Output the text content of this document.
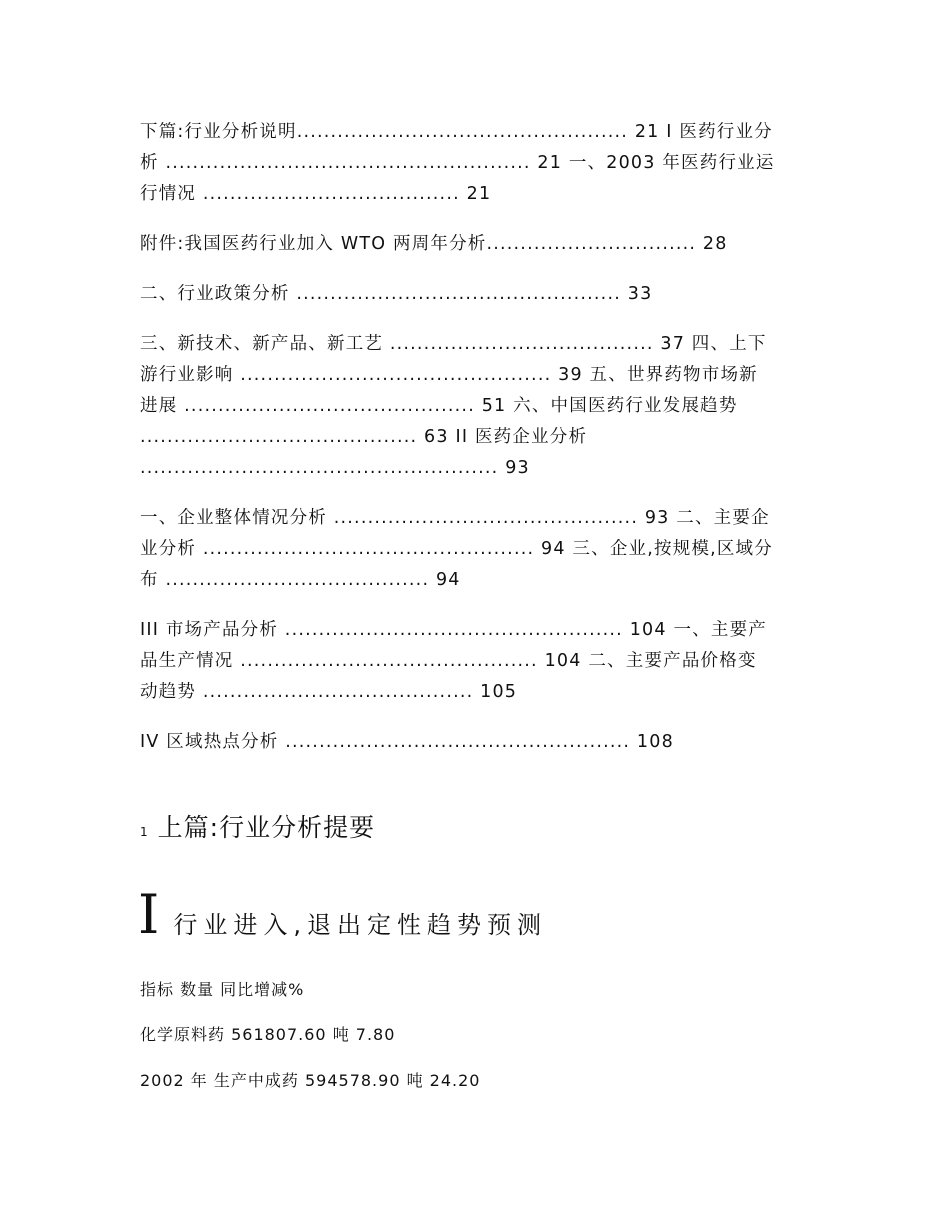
下篇:行业分析说明................................................. 21 I 医药行业分
析 ...................................................... 21 一、2003 年医药行业运
行情况 ...................................... 21
附件:我国医药行业加入 WTO 两周年分析............................... 28
二、行业政策分析 ................................................ 33
三、新技术、新产品、新工艺 ....................................... 37 四、上下
游行业影响 .............................................. 39 五、世界药物市场新
进展 ........................................... 51 六、中国医药行业发展趋势
......................................... 63 II 医药企业分析
..................................................... 93
一、企业整体情况分析 ............................................. 93 二、主要企
业分析 ................................................. 94 三、企业,按规模,区域分
布 ....................................... 94
III 市场产品分析 .................................................. 104 一、主要产
品生产情况 ............................................ 104 二、主要产品价格变
动趋势 ........................................ 105
IV 区域热点分析 ................................................... 108
1 上篇:行业分析提要
I 行业进入,退出定性趋势预测
指标 数量 同比增减%
化学原料药 561807.60 吨 7.80
2002 年 生产中成药 594578.90 吨 24.20
